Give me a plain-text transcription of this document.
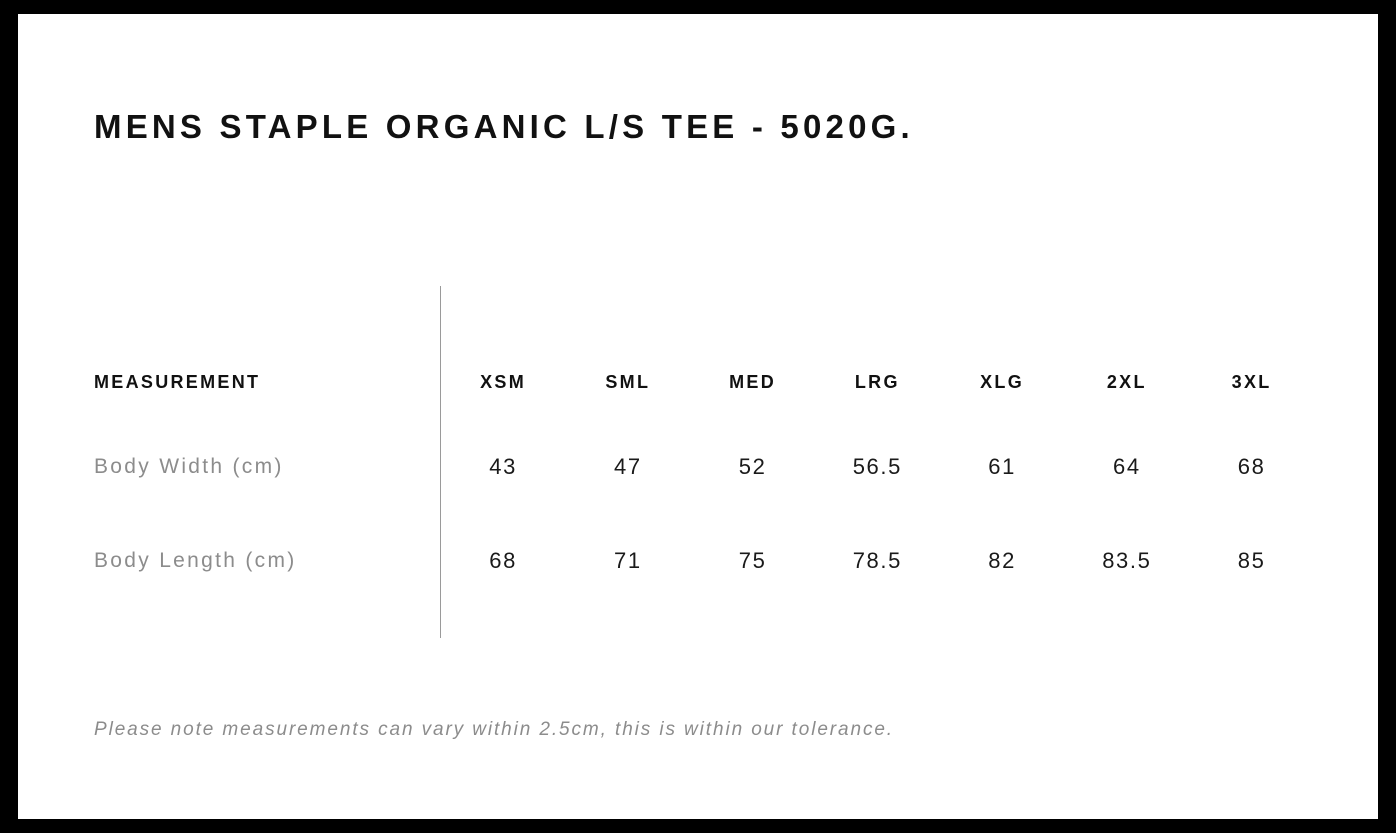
MENS STAPLE ORGANIC L/S TEE - 5020G.
MEASUREMENT	XSM	SML	MED	LRG	XLG	2XL	3XL
Body Width (cm)	43	47	52	56.5	61	64	68
Body Length (cm)	68	71	75	78.5	82	83.5	85
Please note measurements can vary within 2.5cm, this is within our tolerance.
